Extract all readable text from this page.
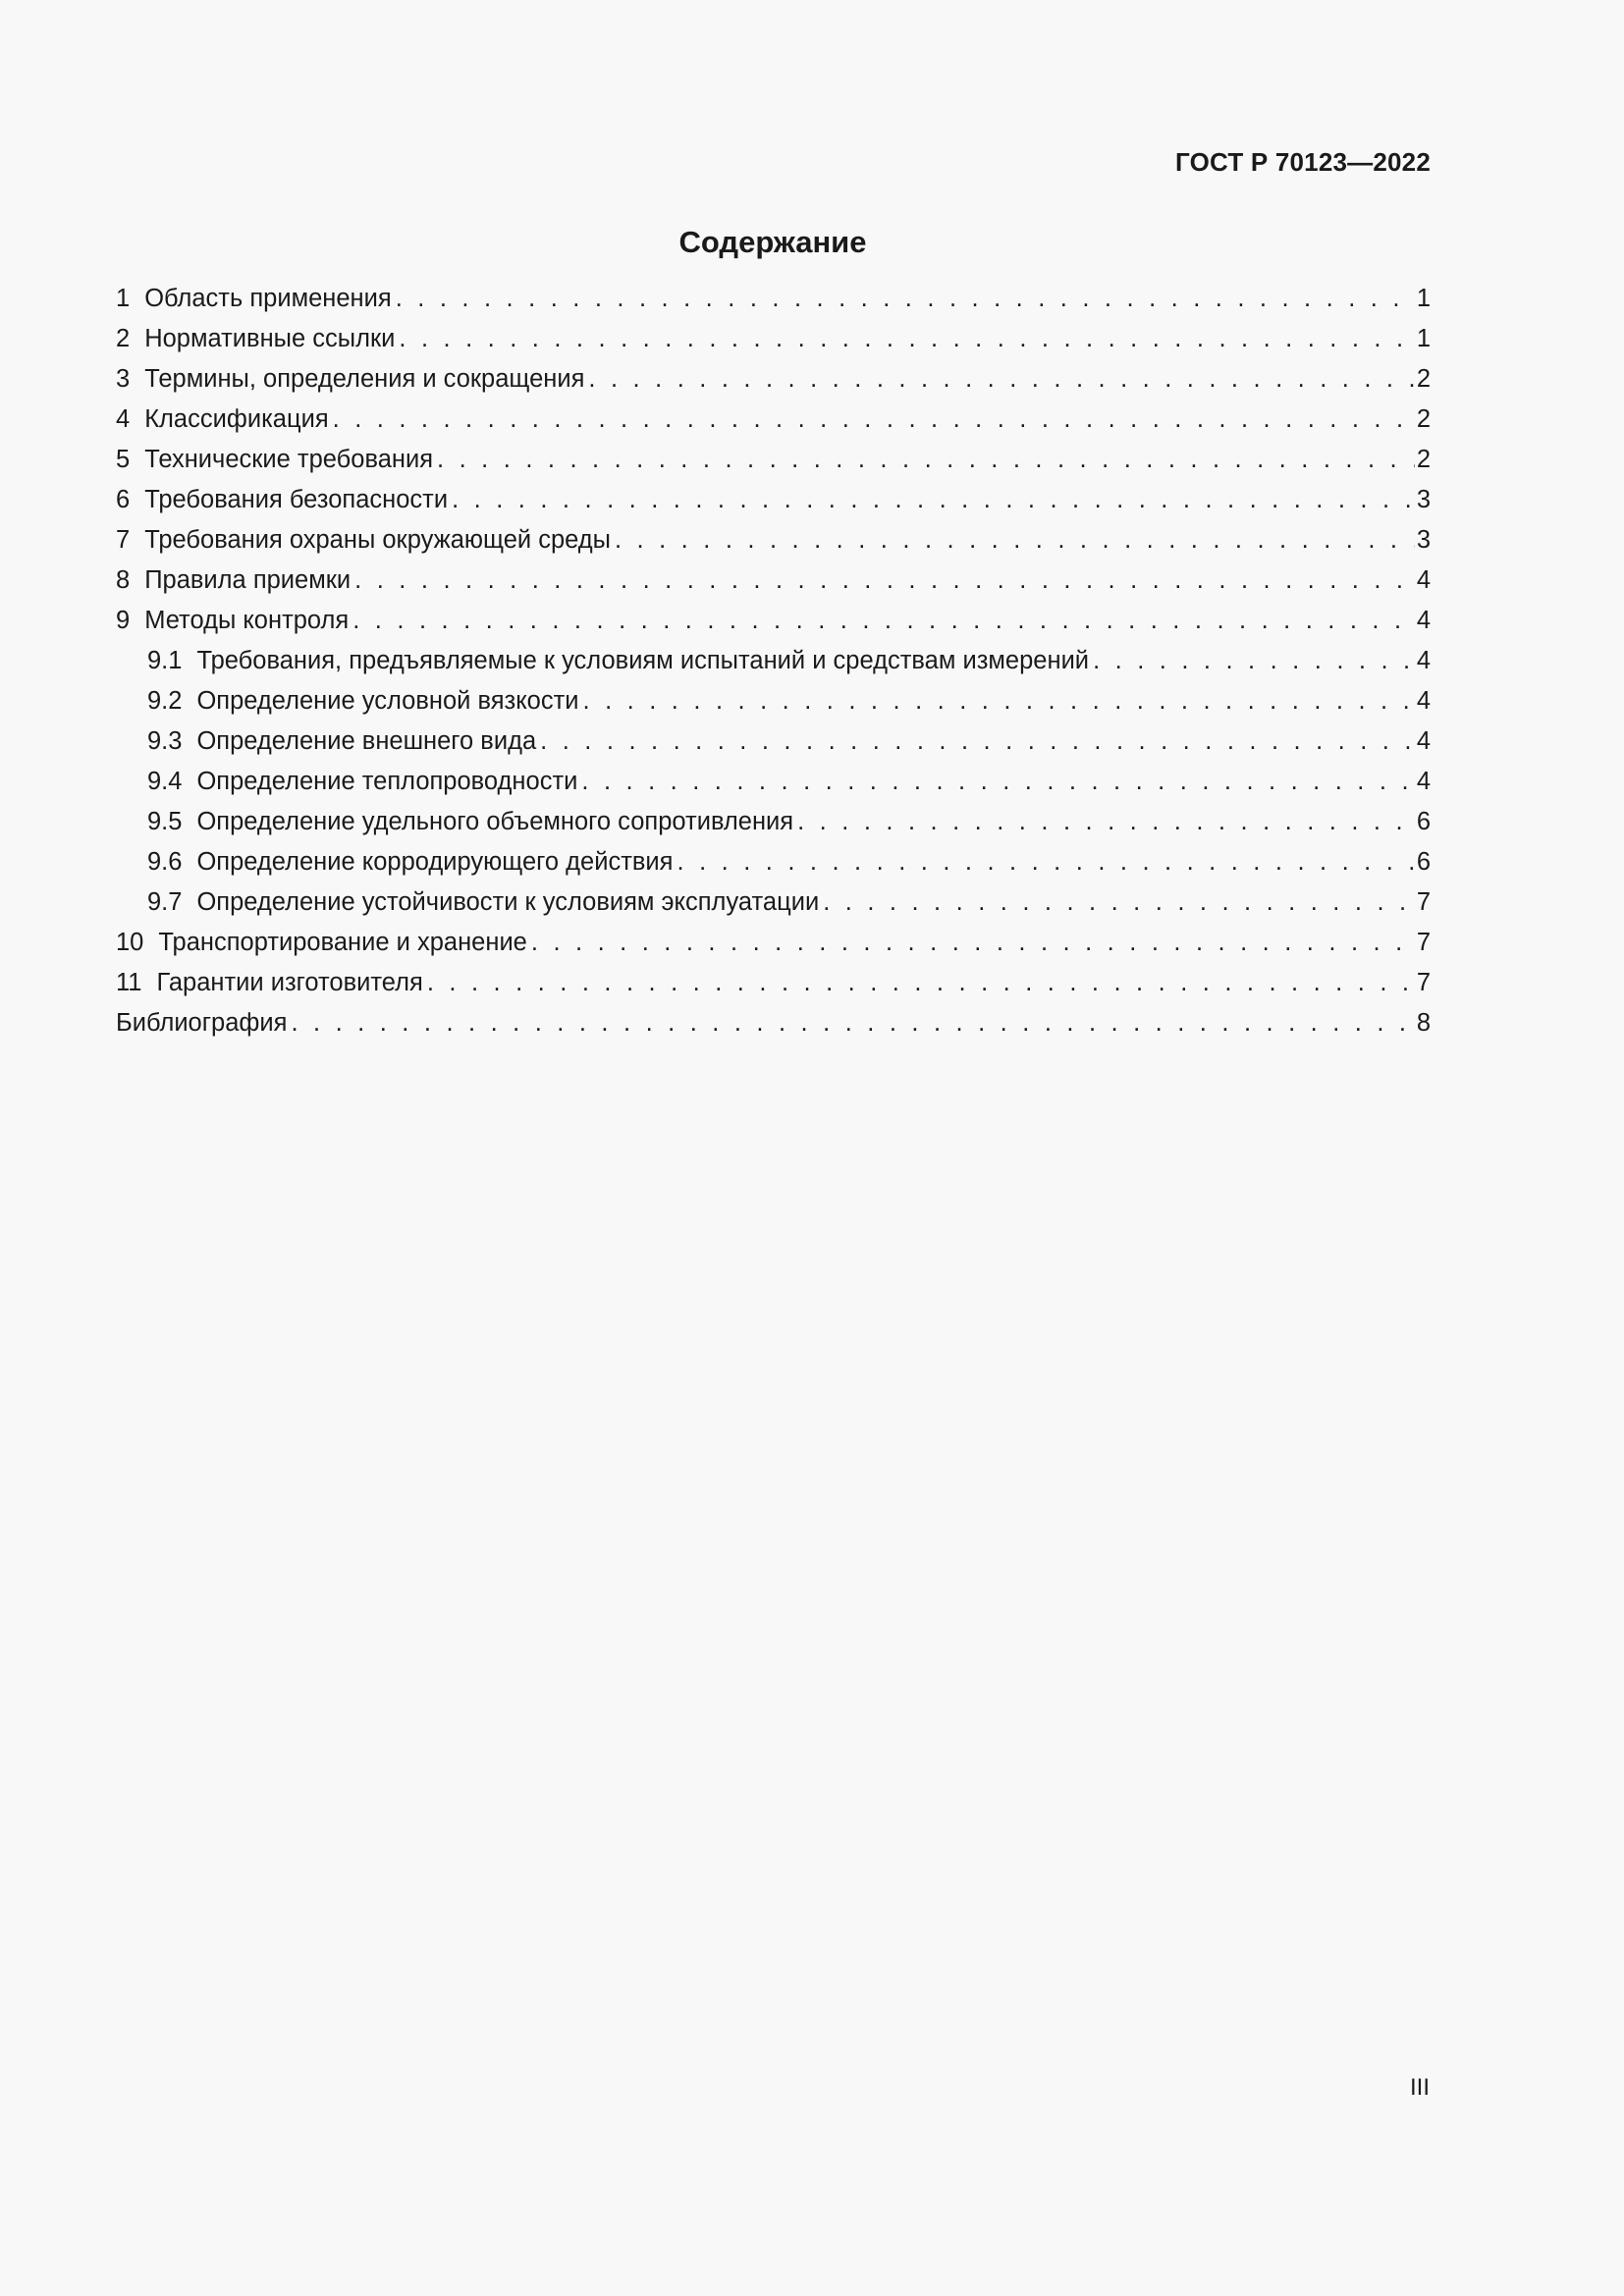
ГОСТ Р 70123—2022
Содержание
1 Область применения . . .	1
2 Нормативные ссылки . . .	1
3 Термины, определения и сокращения . . .	2
4 Классификация . . .	2
5 Технические требования . . .	2
6 Требования безопасности . . .	3
7 Требования охраны окружающей среды . . .	3
8 Правила приемки . . .	4
9 Методы контроля . . .	4
9.1 Требования, предъявляемые к условиям испытаний и средствам измерений . . .	4
9.2 Определение условной вязкости . . .	4
9.3 Определение внешнего вида . . .	4
9.4 Определение теплопроводности . . .	4
9.5 Определение удельного объемного сопротивления . . .	6
9.6 Определение корродирующего действия . . .	6
9.7 Определение устойчивости к условиям эксплуатации . . .	7
10 Транспортирование и хранение . . .	7
11 Гарантии изготовителя . . .	7
Библиография . . .	8
III
